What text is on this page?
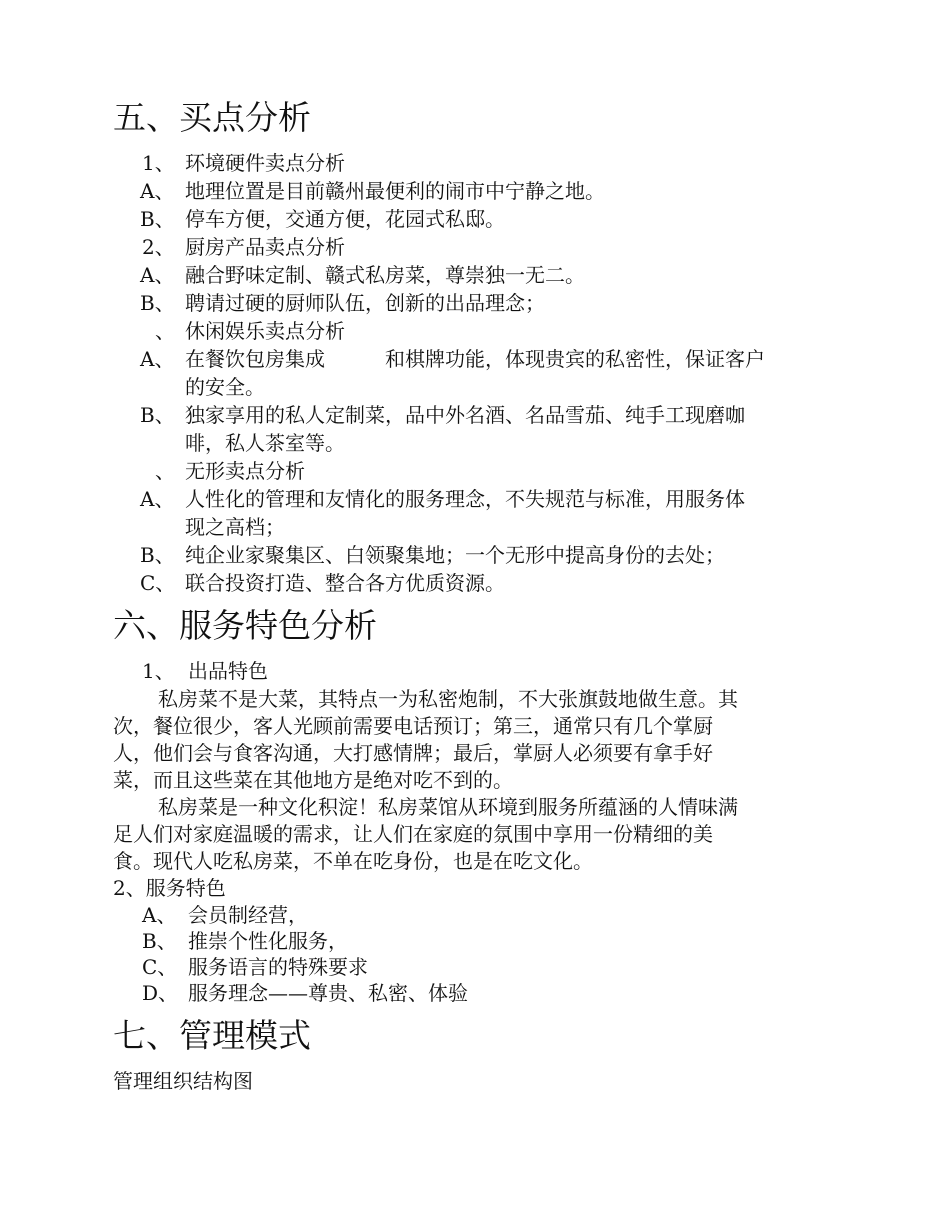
五、买点分析
1、 环境硬件卖点分析
A、 地理位置是目前赣州最便利的闹市中宁静之地。
B、 停车方便，交通方便，花园式私邸。
2、 厨房产品卖点分析
A、 融合野味定制、赣式私房菜，尊崇独一无二。
B、 聘请过硬的厨师队伍，创新的出品理念；
、 休闲娱乐卖点分析
A、 在餐饮包房集成	和棋牌功能，体现贵宾的私密性，保证客户
的安全。
B、 独家享用的私人定制菜，品中外名酒、名品雪茄、纯手工现磨咖
啡，私人茶室等。
、 无形卖点分析
A、 人性化的管理和友情化的服务理念，不失规范与标准，用服务体
现之高档；
B、 纯企业家聚集区、白领聚集地；一个无形中提高身份的去处；
C、 联合投资打造、整合各方优质资源。
六、服务特色分析
1、 出品特色
私房菜不是大菜，其特点一为私密炮制，不大张旗鼓地做生意。其
次，餐位很少，客人光顾前需要电话预订；第三，通常只有几个掌厨
人，他们会与食客沟通，大打感情牌；最后，掌厨人必须要有拿手好
菜，而且这些菜在其他地方是绝对吃不到的。
私房菜是一种文化积淀！私房菜馆从环境到服务所蕴涵的人情味满
足人们对家庭温暖的需求，让人们在家庭的氛围中享用一份精细的美
食。现代人吃私房菜，不单在吃身份，也是在吃文化。
2、服务特色
A、 会员制经营，
B、 推崇个性化服务，
C、 服务语言的特殊要求
D、 服务理念——尊贵、私密、体验
七、管理模式
管理组织结构图
